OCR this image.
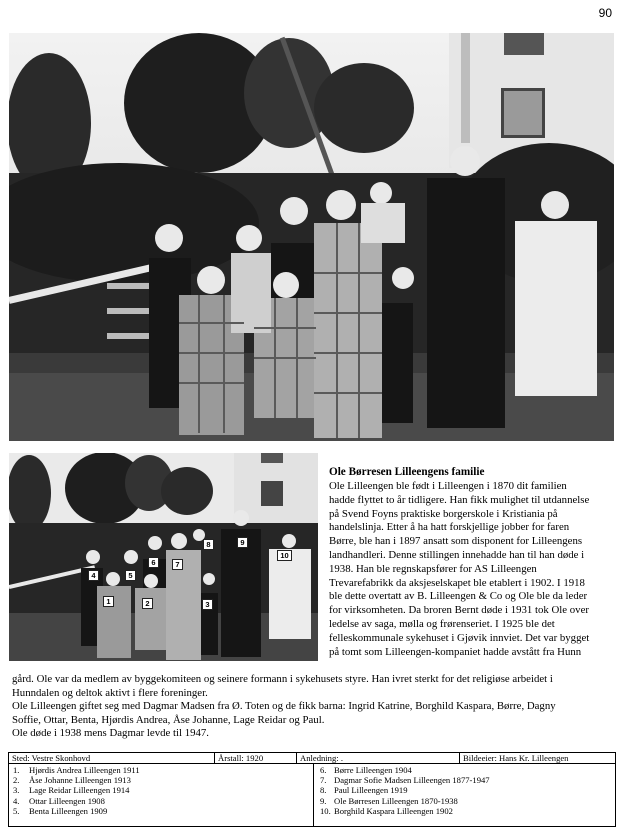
90
1	2	3
4	5
6	7
8	9
10
Ole Børresen Lilleengens familie
Ole Lilleengen ble født i Lilleengen i 1870 dit familien
hadde flyttet to år tidligere. Han fikk mulighet til utdannelse
på Svend Foyns praktiske borgerskole i Kristiania på
handelslinja. Etter å ha hatt forskjellige jobber for faren
Børre, ble han i 1897 ansatt som disponent for Lilleengens
landhandleri. Denne stillingen innehadde han til han døde i
1938. Han ble regnskapsfører for AS Lilleengen
Trevarefabrikk da aksjeselskapet ble etablert i 1902. I 1918
ble dette overtatt av B. Lilleengen & Co og Ole ble da leder
for virksomheten. Da broren Bernt døde i 1931 tok Ole over
ledelse av saga, mølla og frørenseriet. I 1925 ble det
felleskommunale sykehuset i Gjøvik innviet. Det var bygget
på tomt som Lilleengen-kompaniet hadde avstått fra Hunn
gård. Ole var da medlem av byggekomiteen og seinere formann i sykehusets styre. Han ivret sterkt for det religiøse arbeidet i
Hunndalen og deltok aktivt i flere foreninger.
Ole Lilleengen giftet seg med Dagmar Madsen fra Ø. Toten og de fikk barna: Ingrid Katrine, Borghild Kaspara, Børre, Dagny
Soffie, Ottar, Benta, Hjørdis Andrea, Åse Johanne, Lage Reidar og Paul.
Ole døde i 1938 mens Dagmar levde til 1947.
Sted: Vestre Skonhovd	Årstall: 1920	Anledning: .	Bildeeier: Hans Kr. Lilleengen
1.	Hjørdis Andrea Lilleengen 1911
2.	Åse Johanne Lilleengen 1913
3.	Lage Reidar Lilleengen 1914
4.	Ottar Lilleengen 1908
5.	Benta Lilleengen 1909
6. Børre Lilleengen 1904
7. Dagmar Sofie Madsen Lilleengen 1877-1947
8. Paul Lilleengen 1919
9. Ole Børresen Lilleengen 1870-1938
10. Borghild Kaspara Lilleengen 1902
